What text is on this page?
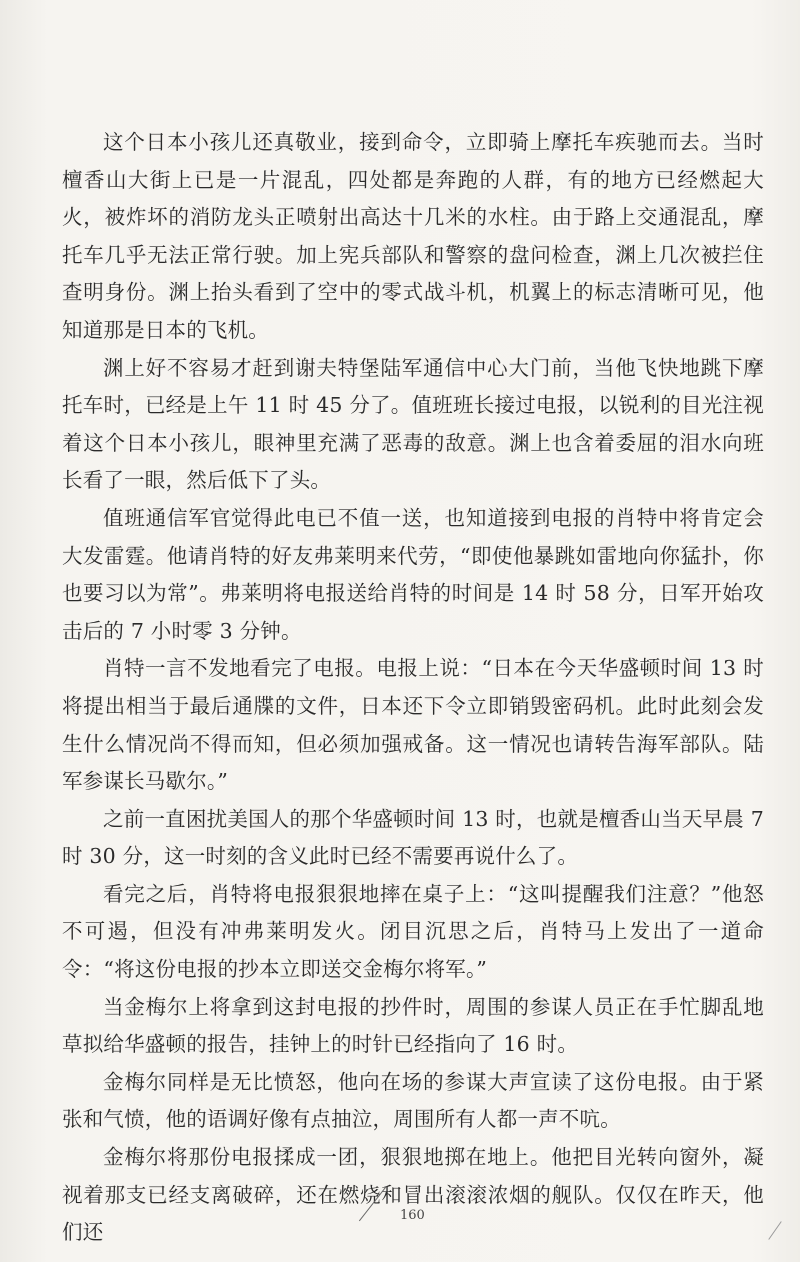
这个日本小孩儿还真敬业，接到命令，立即骑上摩托车疾驰而去。当时檀香山大街上已是一片混乱，四处都是奔跑的人群，有的地方已经燃起大火，被炸坏的消防龙头正喷射出高达十几米的水柱。由于路上交通混乱，摩托车几乎无法正常行驶。加上宪兵部队和警察的盘问检查，渊上几次被拦住查明身份。渊上抬头看到了空中的零式战斗机，机翼上的标志清晰可见，他知道那是日本的飞机。

渊上好不容易才赶到谢夫特堡陆军通信中心大门前，当他飞快地跳下摩托车时，已经是上午 11 时 45 分了。值班班长接过电报，以锐利的目光注视着这个日本小孩儿，眼神里充满了恶毒的敌意。渊上也含着委屈的泪水向班长看了一眼，然后低下了头。

值班通信军官觉得此电已不值一送，也知道接到电报的肖特中将肯定会大发雷霆。他请肖特的好友弗莱明来代劳，“即使他暴跳如雷地向你猛扑，你也要习以为常”。弗莱明将电报送给肖特的时间是 14 时 58 分，日军开始攻击后的 7 小时零 3 分钟。

肖特一言不发地看完了电报。电报上说：“日本在今天华盛顿时间 13 时将提出相当于最后通牒的文件，日本还下令立即销毁密码机。此时此刻会发生什么情况尚不得而知，但必须加强戒备。这一情况也请转告海军部队。陆军参谋长马歇尔。”

之前一直困扰美国人的那个华盛顿时间 13 时，也就是檀香山当天早晨 7 时 30 分，这一时刻的含义此时已经不需要再说什么了。

看完之后，肖特将电报狠狠地摔在桌子上：“这叫提醒我们注意？”他怒不可遏，但没有冲弗莱明发火。闭目沉思之后，肖特马上发出了一道命令：“将这份电报的抄本立即送交金梅尔将军。”

当金梅尔上将拿到这封电报的抄件时，周围的参谋人员正在手忙脚乱地草拟给华盛顿的报告，挂钟上的时针已经指向了 16 时。

金梅尔同样是无比愤怒，他向在场的参谋大声宣读了这份电报。由于紧张和气愤，他的语调好像有点抽泣，周围所有人都一声不吭。

金梅尔将那份电报揉成一团，狠狠地掷在地上。他把目光转向窗外，凝视着那支已经支离破碎，还在燃烧和冒出滚滚浓烟的舰队。仅仅在昨天，他们还

160
